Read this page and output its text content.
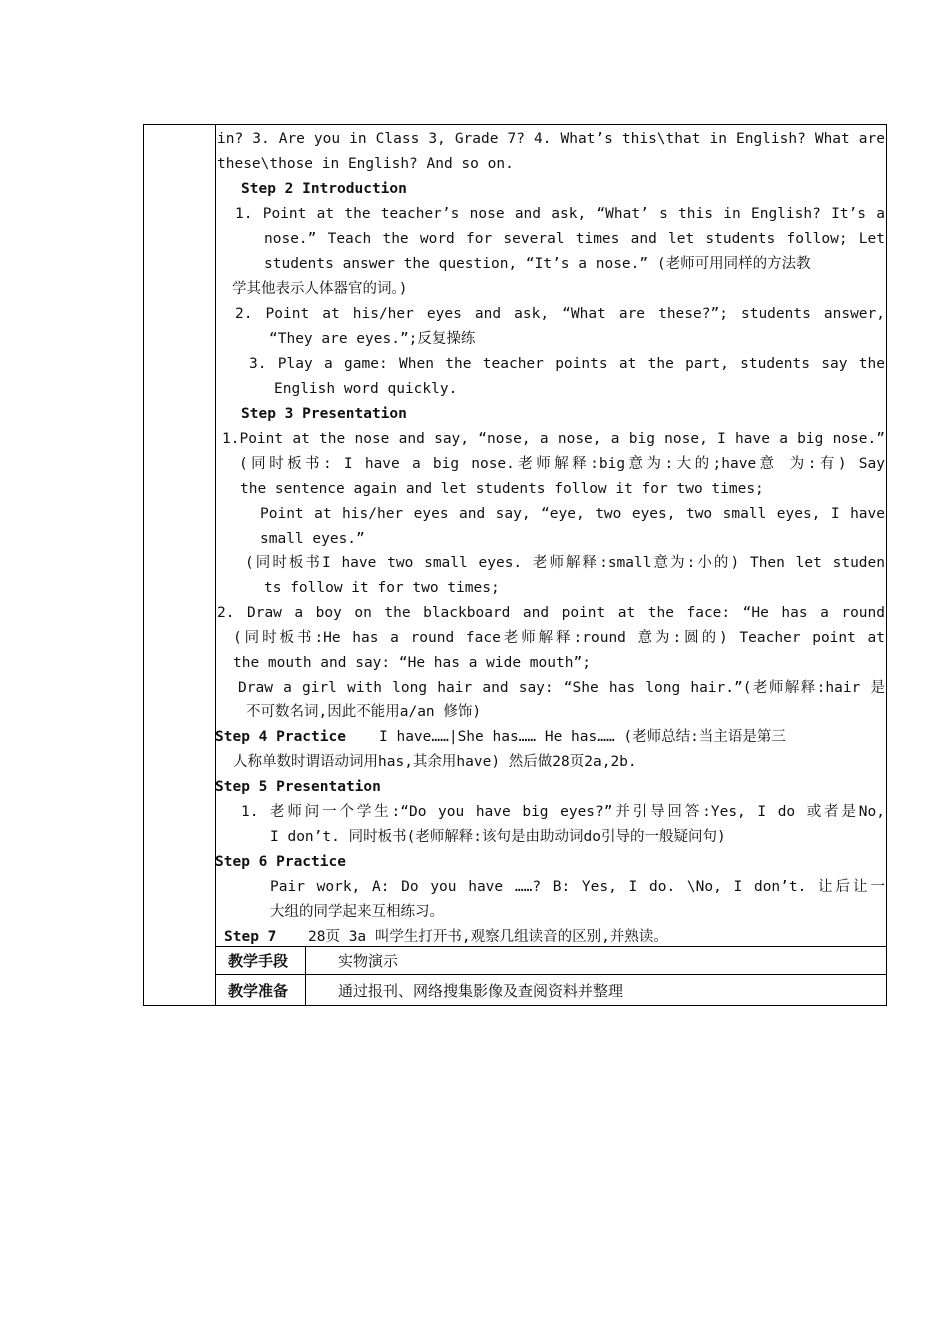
in? 3. Are you in Class 3, Grade 7? 4. What’s this\that in English? What are
these\those in English? And so on.
Step 2 Introduction
1. Point at the teacher’s nose and ask, “What’ s this in English? It’s a
nose.” Teach the word for several times and let students follow; Let
students answer the question, “It’s a nose.” (老师可用同样的方法教
学其他表示人体器官的词。)
2. Point at his/her eyes and ask, “What are these?”; students answer,
“They are eyes.”;反复操练
3. Play a game: When the teacher points at the part, students say the
English word quickly.
Step 3 Presentation
1.Point at the nose and say, “nose, a nose, a big nose, I have a big nose.”
(同时板书: I have a big nose.老师解释:big意为:大的;have意 为:有) Say
the sentence again and let students follow it for two times;
Point at his/her eyes and say, “eye, two eyes, two small eyes, I have
small eyes.”
(同时板书I have two small eyes. 老师解释:small意为:小的) Then let studen
ts follow it for two times;
2. Draw a boy on the blackboard and point at the face: “He has a round
(同时板书:He has a round face老师解释:round 意为:圆的) Teacher point at
the mouth and say: “He has a wide mouth”;
Draw a girl with long hair and say: “She has long hair.”(老师解释:hair 是
不可数名词,因此不能用a/an 修饰)
Step 4 Practice I have……|She has…… He has…… (老师总结:当主语是第三
人称单数时谓语动词用has,其余用have) 然后做28页2a,2b.
Step 5 Presentation
1. 老师问一个学生:“Do you have big eyes?”并引导回答:Yes, I do 或者是No,
I don’t. 同时板书(老师解释:该句是由助动词do引导的一般疑问句)
Step 6 Practice
Pair work, A: Do you have ……? B: Yes, I do. \No, I don’t. 让后让一
大组的同学起来互相练习。
Step 7 28页 3a 叫学生打开书,观察几组读音的区别,并熟读。
教学手段	实物演示
教学准备	通过报刊、网络搜集影像及查阅资料并整理
